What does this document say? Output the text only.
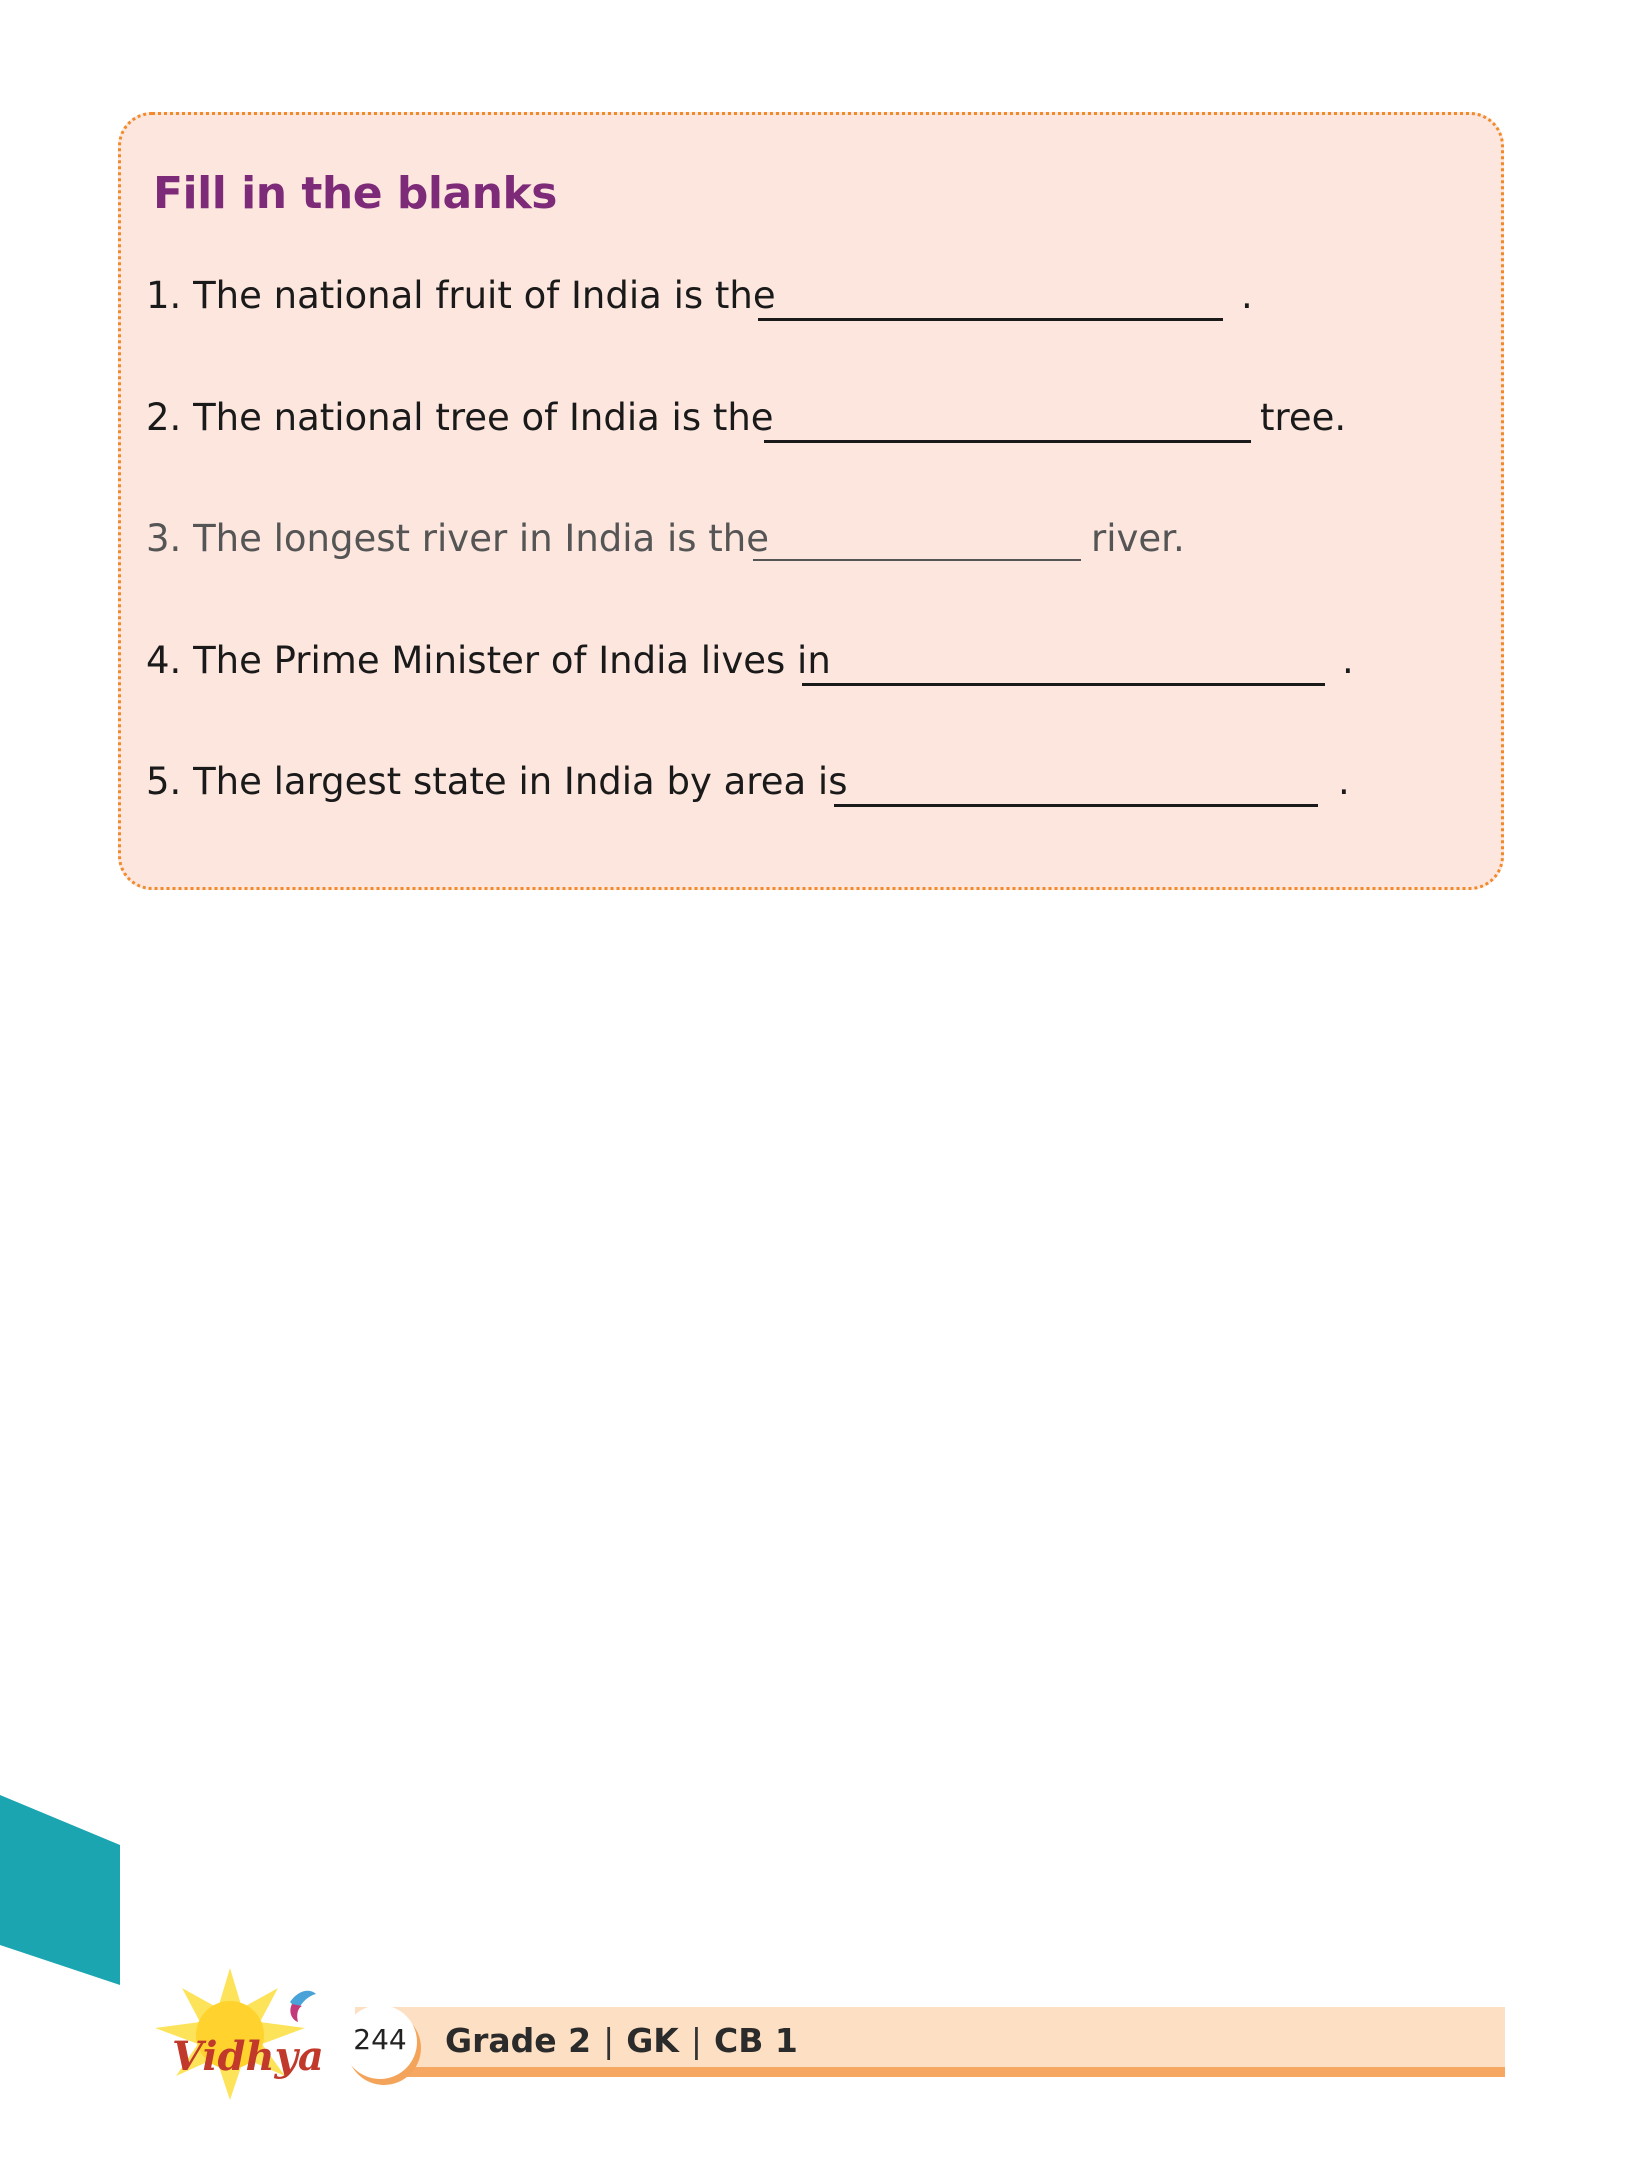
Fill in the blanks
1. The national fruit of India is the	.
2. The national tree of India is the	tree.
3. The longest river in India is the	river.
4. The Prime Minister of India lives in	.
5. The largest state in India by area is	.
244	Grade 2 | GK | CB 1
Vidhya
